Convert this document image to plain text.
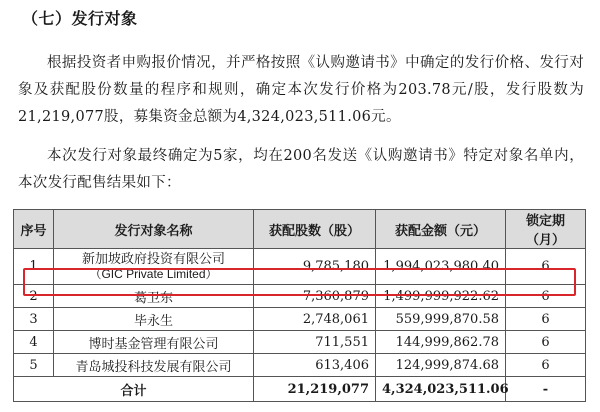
（七）发行对象
根据投资者申购报价情况，并严格按照《认购邀请书》中确定的发行价格、发行对象及获配股份数量的程序和规则，确定本次发行价格为203.78元/股，发行股数为21,219,077股，募集资金总额为4,324,023,511.06元。
本次发行对象最终确定为5家，均在200名发送《认购邀请书》特定对象名单内，本次发行配售结果如下：
序号	发行对象名称	获配股数（股）	获配金额（元）	锁定期（月）
1	新加坡政府投资有限公司
（GIC Private Limited）	9,785,180	1,994,023,980.40	6
2	葛卫东	7,360,879	1,499,999,922.62	6
3	毕永生	2,748,061	559,999,870.58	6
4	博时基金管理有限公司	711,551	144,999,862.78	6
5	青岛城投科技发展有限公司	613,406	124,999,874.68	6
合计		21,219,077	4,324,023,511.06	-
